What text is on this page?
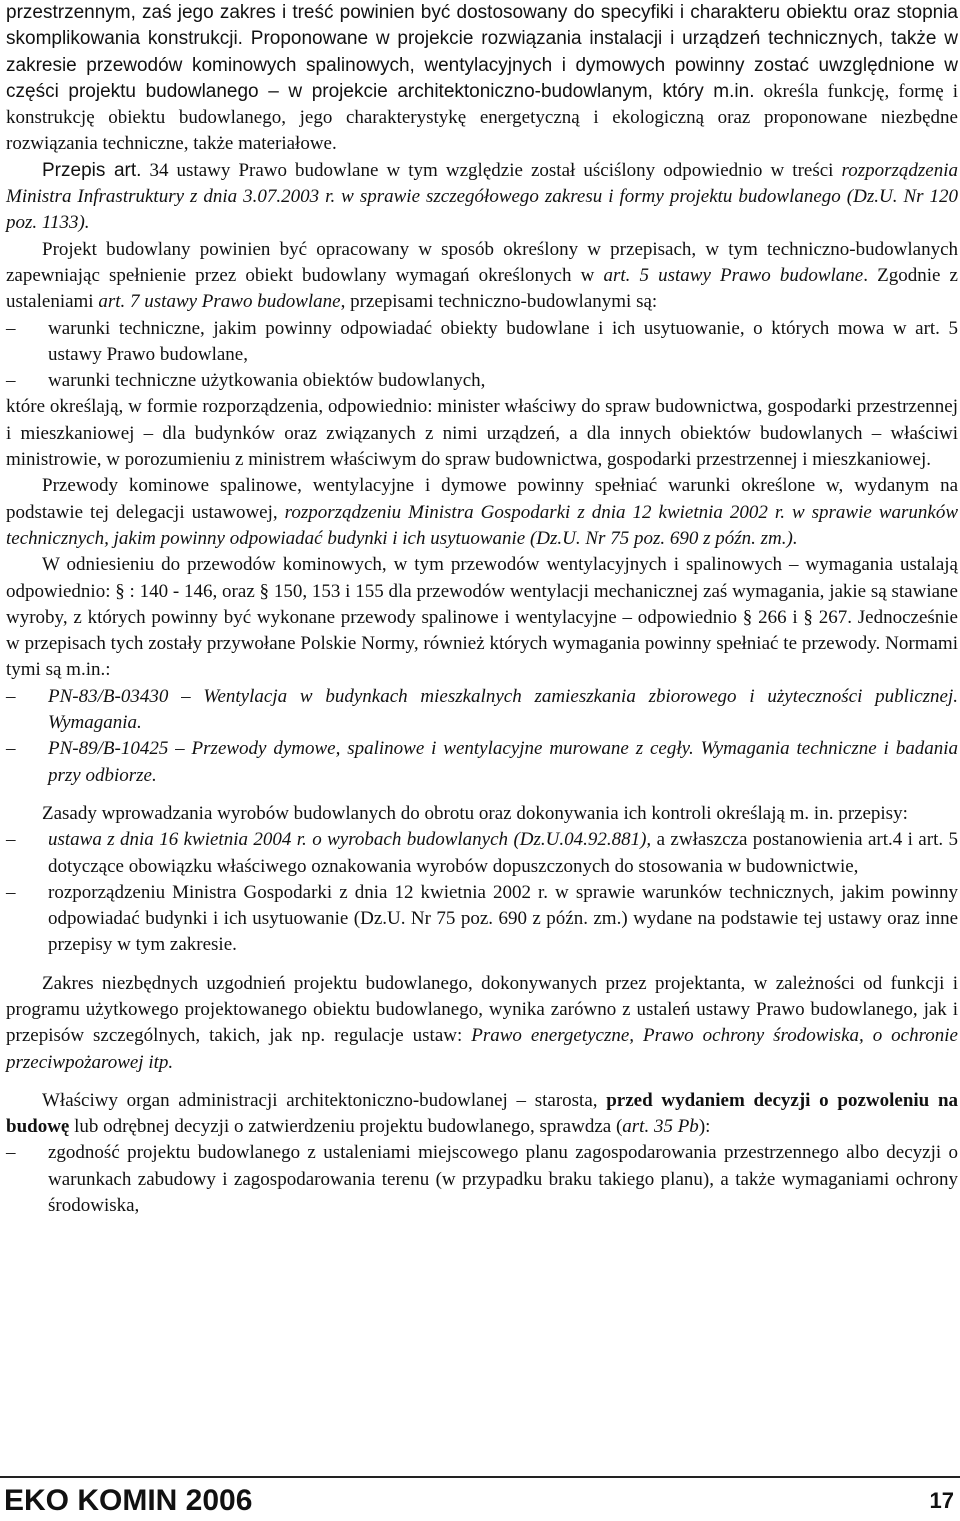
przestrzennym, zaś jego zakres i treść powinien być dostosowany do specyfiki i charakteru obiektu oraz stopnia skomplikowania konstrukcji. Proponowane w projekcie rozwiązania instalacji i urządzeń technicznych, także w zakresie przewodów kominowych spalinowych, wentylacyjnych i dymowych powinny zostać uwzględnione w części projektu budowlanego – w projekcie architektoniczno-budowlanym, który m.in. określa funkcję, formę i konstrukcję obiektu budowlanego, jego charakterystykę energetyczną i ekologiczną oraz proponowane niezbędne rozwiązania techniczne, także materiałowe.

Przepis art. 34 ustawy Prawo budowlane w tym względzie został uściślony odpowiednio w treści rozporządzenia Ministra Infrastruktury z dnia 3.07.2003 r. w sprawie szczegółowego zakresu i formy projektu budowlanego (Dz.U. Nr 120 poz. 1133).

Projekt budowlany powinien być opracowany w sposób określony w przepisach, w tym techniczno-budowlanych zapewniając spełnienie przez obiekt budowlany wymagań określonych w art. 5 ustawy Prawo budowlane. Zgodnie z ustaleniami art. 7 ustawy Prawo budowlane, przepisami techniczno-budowlanymi są:

– warunki techniczne, jakim powinny odpowiadać obiekty budowlane i ich usytuowanie, o których mowa w art. 5 ustawy Prawo budowlane,

– warunki techniczne użytkowania obiektów budowlanych,

które określają, w formie rozporządzenia, odpowiednio: minister właściwy do spraw budownictwa, gospodarki przestrzennej i mieszkaniowej – dla budynków oraz związanych z nimi urządzeń, a dla innych obiektów budowlanych – właściwi ministrowie, w porozumieniu z ministrem właściwym do spraw budownictwa, gospodarki przestrzennej i mieszkaniowej.

Przewody kominowe spalinowe, wentylacyjne i dymowe powinny spełniać warunki określone w, wydanym na podstawie tej delegacji ustawowej, rozporządzeniu Ministra Gospodarki z dnia 12 kwietnia 2002 r. w sprawie warunków technicznych, jakim powinny odpowiadać budynki i ich usytuowanie (Dz.U. Nr 75 poz. 690 z późn. zm.).

W odniesieniu do przewodów kominowych, w tym przewodów wentylacyjnych i spalinowych – wymagania ustalają odpowiednio: § : 140 - 146, oraz § 150, 153 i 155 dla przewodów wentylacji mechanicznej zaś wymagania, jakie są stawiane wyroby, z których powinny być wykonane przewody spalinowe i wentylacyjne – odpowiednio § 266 i § 267. Jednocześnie w przepisach tych zostały przywołane Polskie Normy, również których wymagania powinny spełniać te przewody. Normami tymi są m.in.:

– PN-83/B-03430 – Wentylacja w budynkach mieszkalnych zamieszkania zbiorowego i użyteczności publicznej. Wymagania.

– PN-89/B-10425 – Przewody dymowe, spalinowe i wentylacyjne murowane z cegły. Wymagania techniczne i badania przy odbiorze.

Zasady wprowadzania wyrobów budowlanych do obrotu oraz dokonywania ich kontroli określają m. in. przepisy:

– ustawa z dnia 16 kwietnia 2004 r. o wyrobach budowlanych (Dz.U.04.92.881), a zwłaszcza postanowienia art.4 i art. 5 dotyczące obowiązku właściwego oznakowania wyrobów dopuszczonych do stosowania w budownictwie,

– rozporządzeniu Ministra Gospodarki z dnia 12 kwietnia 2002 r. w sprawie warunków technicznych, jakim powinny odpowiadać budynki i ich usytuowanie (Dz.U. Nr 75 poz. 690 z późn. zm.) wydane na podstawie tej ustawy oraz inne przepisy w tym zakresie.

Zakres niezbędnych uzgodnień projektu budowlanego, dokonywanych przez projektanta, w zależności od funkcji i programu użytkowego projektowanego obiektu budowlanego, wynika zarówno z ustaleń ustawy Prawo budowlanego, jak i przepisów szczególnych, takich, jak np. regulacje ustaw: Prawo energetyczne, Prawo ochrony środowiska, o ochronie przeciwpożarowej itp.

Właściwy organ administracji architektoniczno-budowlanej – starosta, przed wydaniem decyzji o pozwoleniu na budowę lub odrębnej decyzji o zatwierdzeniu projektu budowlanego, sprawdza (art. 35 Pb):

– zgodność projektu budowlanego z ustaleniami miejscowego planu zagospodarowania przestrzennego albo decyzji o warunkach zabudowy i zagospodarowania terenu (w przypadku braku takiego planu), a także wymaganiami ochrony środowiska,

EKO KOMIN 2006	17
